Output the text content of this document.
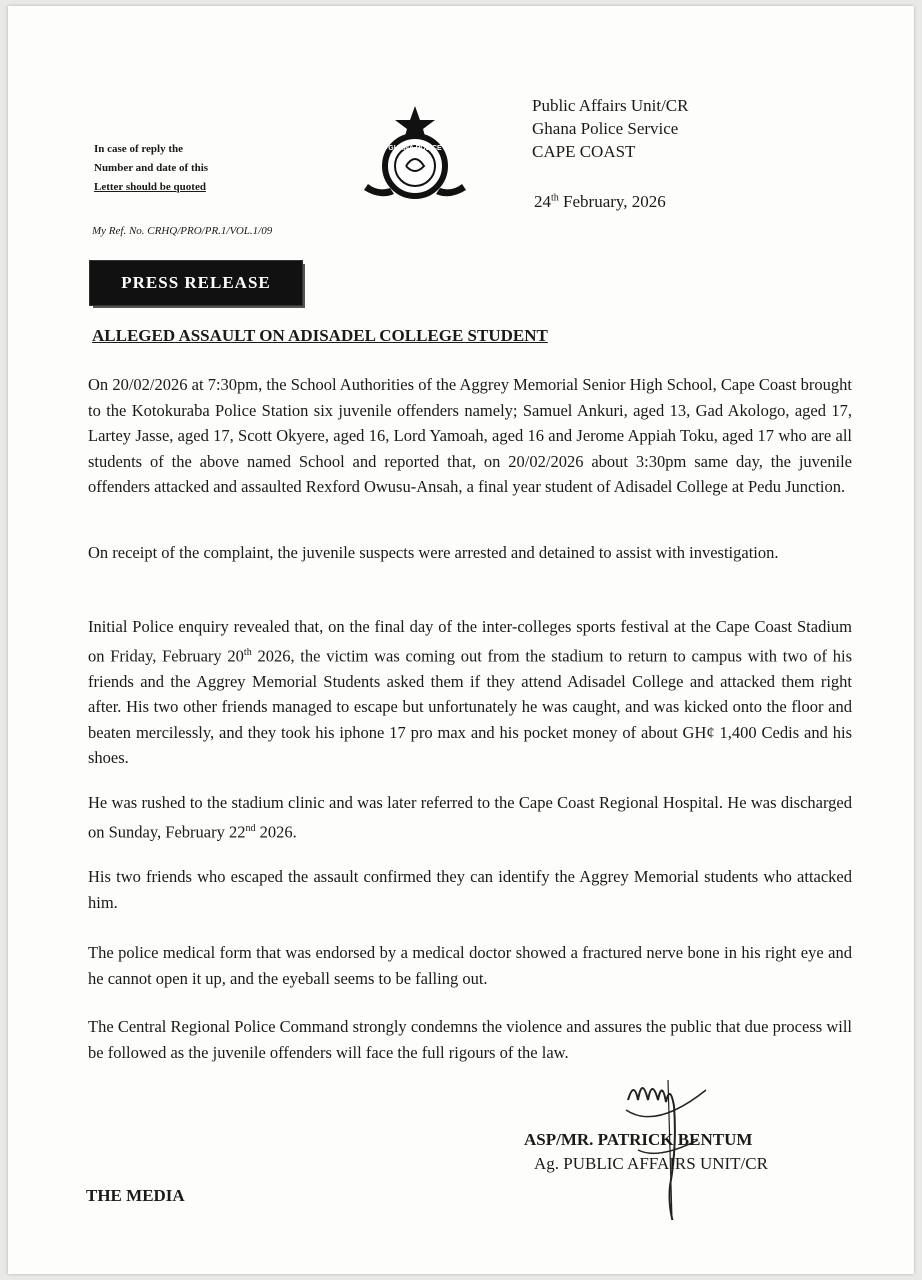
In case of reply the
Number and date of this
Letter should be quoted
My Ref. No. CRHQ/PRO/PR.1/VOL.1/09
GHANA POLICE
Public Affairs Unit/CR
Ghana Police Service
CAPE COAST
24th February, 2026
PRESS RELEASE
ALLEGED ASSAULT ON ADISADEL COLLEGE STUDENT
On 20/02/2026 at 7:30pm, the School Authorities of the Aggrey Memorial Senior High School, Cape Coast brought to the Kotokuraba Police Station six juvenile offenders namely; Samuel Ankuri, aged 13, Gad Akologo, aged 17, Lartey Jasse, aged 17, Scott Okyere, aged 16, Lord Yamoah, aged 16 and Jerome Appiah Toku, aged 17 who are all students of the above named School and reported that, on 20/02/2026 about 3:30pm same day, the juvenile offenders attacked and assaulted Rexford Owusu-Ansah, a final year student of Adisadel College at Pedu Junction.
On receipt of the complaint, the juvenile suspects were arrested and detained to assist with investigation.
Initial Police enquiry revealed that, on the final day of the inter-colleges sports festival at the Cape Coast Stadium on Friday, February 20th 2026, the victim was coming out from the stadium to return to campus with two of his friends and the Aggrey Memorial Students asked them if they attend Adisadel College and attacked them right after. His two other friends managed to escape but unfortunately he was caught, and was kicked onto the floor and beaten mercilessly, and they took his iphone 17 pro max and his pocket money of about GH¢ 1,400 Cedis and his shoes.
He was rushed to the stadium clinic and was later referred to the Cape Coast Regional Hospital. He was discharged on Sunday, February 22nd 2026.
His two friends who escaped the assault confirmed they can identify the Aggrey Memorial students who attacked him.
The police medical form that was endorsed by a medical doctor showed a fractured nerve bone in his right eye and he cannot open it up, and the eyeball seems to be falling out.
The Central Regional Police Command strongly condemns the violence and assures the public that due process will be followed as the juvenile offenders will face the full rigours of the law.
ASP/MR. PATRICK BENTUM
Ag. PUBLIC AFFAIRS UNIT/CR
THE MEDIA
